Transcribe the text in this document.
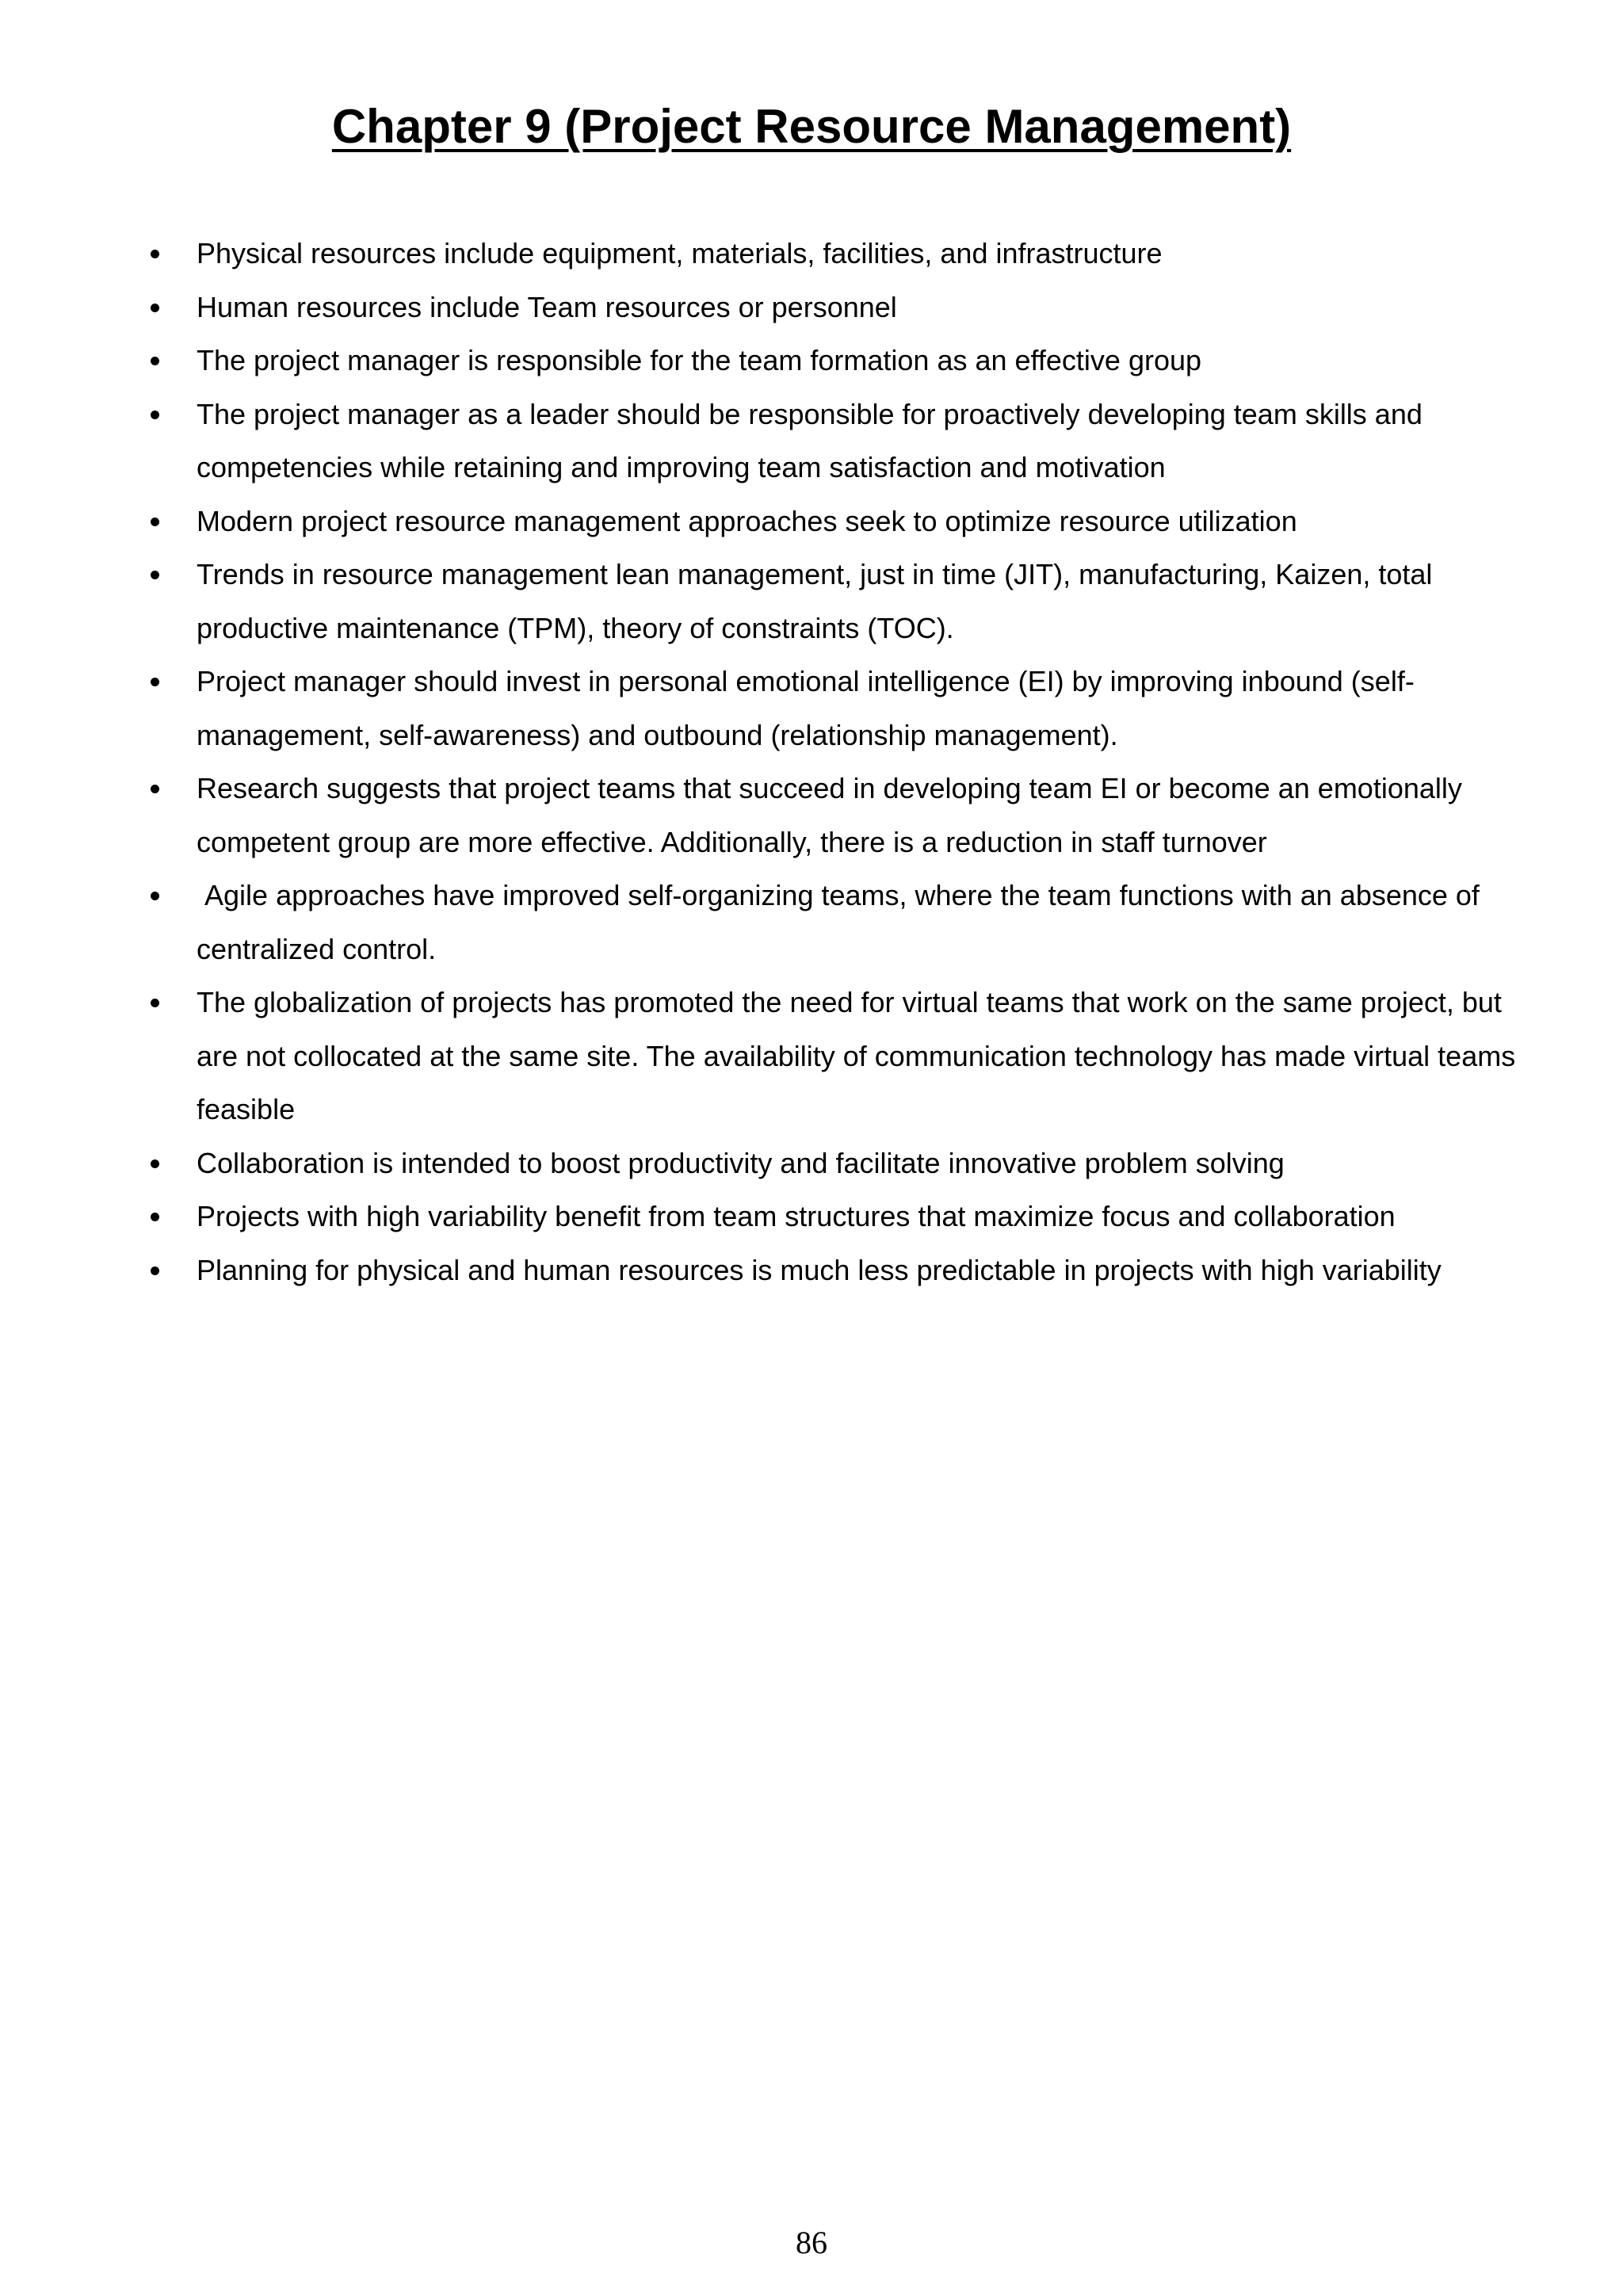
Chapter 9 (Project Resource Management)
Physical resources include equipment, materials, facilities, and infrastructure
Human resources include Team resources or personnel
The project manager is responsible for the team formation as an effective group
The project manager as a leader should be responsible for proactively developing team skills and competencies while retaining and improving team satisfaction and motivation
Modern project resource management approaches seek to optimize resource utilization
Trends in resource management lean management, just in time (JIT), manufacturing, Kaizen, total productive maintenance (TPM), theory of constraints (TOC).
Project manager should invest in personal emotional intelligence (EI) by improving inbound (self-management, self-awareness) and outbound (relationship management).
Research suggests that project teams that succeed in developing team EI or become an emotionally competent group are more effective. Additionally, there is a reduction in staff turnover
Agile approaches have improved self-organizing teams, where the team functions with an absence of centralized control.
The globalization of projects has promoted the need for virtual teams that work on the same project, but are not collocated at the same site. The availability of communication technology has made virtual teams feasible
Collaboration is intended to boost productivity and facilitate innovative problem solving
Projects with high variability benefit from team structures that maximize focus and collaboration
Planning for physical and human resources is much less predictable in projects with high variability
86
